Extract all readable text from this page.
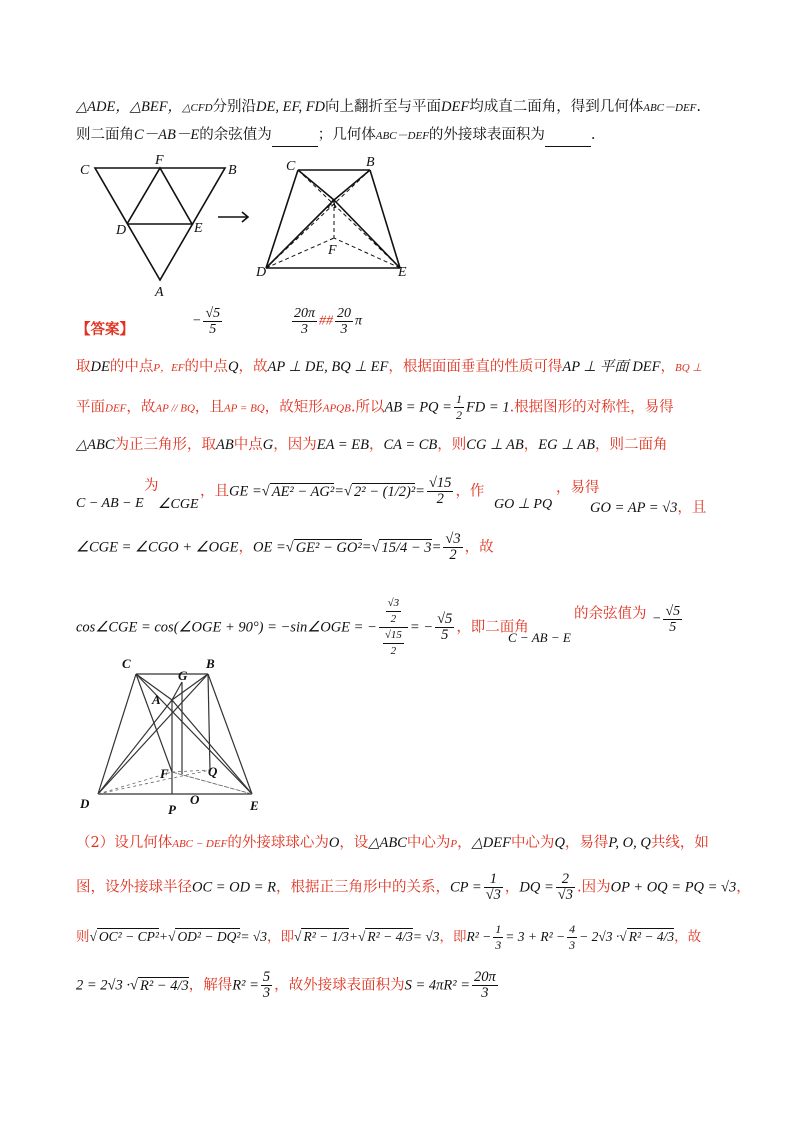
△ADE，△BEF，△CFD分别沿DE, EF, FD向上翻折至与平面DEF均成直二面角，得到几何体ABC－DEF.
则二面角C－AB－E的余弦值为	；几何体ABC－DEF的外接球表面积为	.
C
F
B
D	E
A
C	B
A
F
D	E
【答案】	− $\frac{√5}{5}$	$\frac{20\pi}{3}$ ## $\frac{20}{3}$ π
取DE的中点P，EF的中点Q，故AP ⊥ DE, BQ ⊥ EF，根据面面垂直的性质可得AP ⊥ 平面 DEF，BQ ⊥
平面DEF，故AP // BQ，且AP = BQ，故矩形APQB.所以AB = PQ = $\frac{1}{2}$ FD = 1.根据图形的对称性，易得
△ABC为正三角形，取AB中点G，因为EA = EB，CA = CB，则CG ⊥ AB，EG ⊥ AB，则二面角
为
C − AB − E ∠CGE
，且GE =√ AE² − AG²=√ $2^2 - (1/2)^2= \frac{√15}{2}$ ，作
GO ⊥ PQ
，易得
GO = AP = √3，且
∠CGE = ∠CGO + ∠OGE，OE =√ GE² − GO²=√ $15/4 - 3= \frac{√3}{2}$ ，故
cos∠CGE = cos(∠OGE + 90°) = −sin∠OGE = − $\frac{\frac{√3}{2}}{\frac{√15}{2}}$ = − $\frac{√5}{5}$ ，即二面角
的余弦值为
C − AB − E
− $\frac{√5}{5}$
C
G
B
A
F	Q
D	P
O	E
（2）设几何体ABC − DEF的外接球球心为O，设△ABC中心为P，△DEF中心为Q，易得P, O, Q共线，如
图，设外接球半径OC = OD = R，根据正三角形中的关系，CP = $\frac{1}{√3}$ ，DQ = $\frac{2}{√3}$ .因为OP + OQ = PQ = √3，
则√ OC² − CP²+√ OD² − DQ²= √3，即√ R² − 1/3+√ R² − 4/3= √3，即$R^2 - \frac{1}{3} = 3 + R^2 - \frac{4}{3} - 2√3$ ·√ R² − 4/3，故
2 = 2√3 ·√ R² − 4/3，解得$R^2 = \frac{5}{3}$ ，故外接球表面积为$S = 4\pi R^2 = \frac{20\pi}{3}$
